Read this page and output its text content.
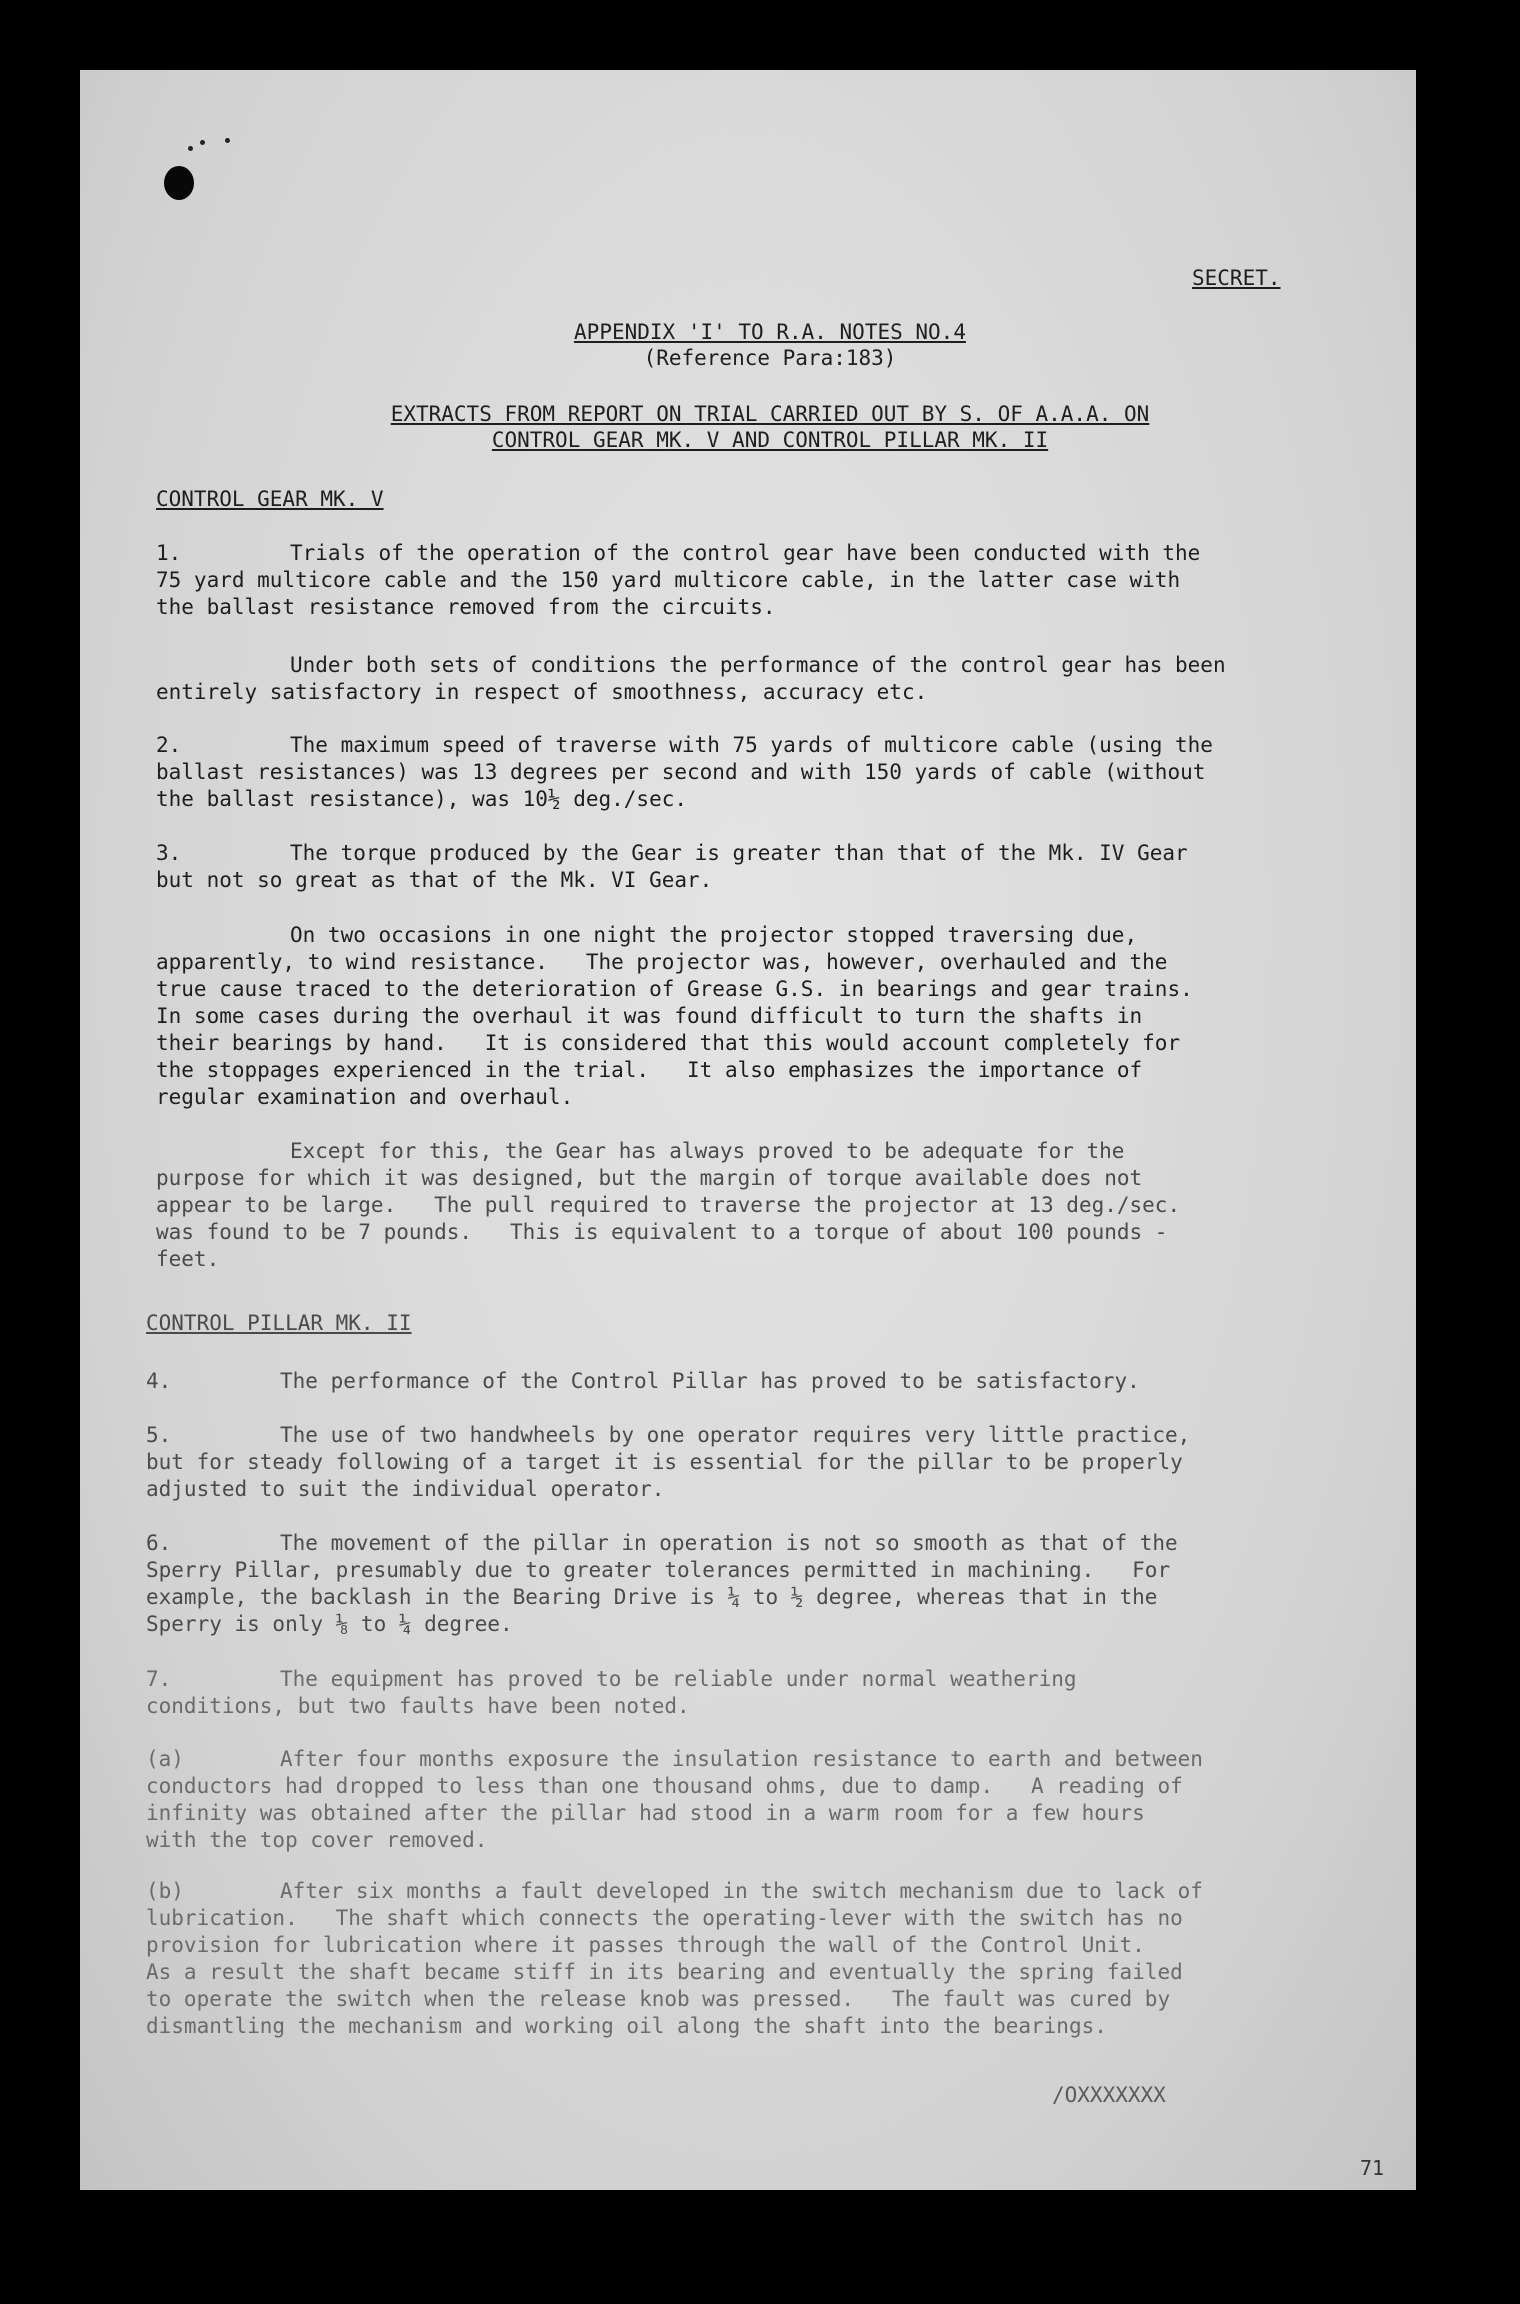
SECRET.
APPENDIX 'I' TO R.A. NOTES NO.4
(Reference Para:183)
EXTRACTS FROM REPORT ON TRIAL CARRIED OUT BY S. OF A.A.A. ON
CONTROL GEAR MK. V AND CONTROL PILLAR MK. II
CONTROL GEAR MK. V
1.	Trials of the operation of the control gear have been conducted with the
75 yard multicore cable and the 150 yard multicore cable, in the latter case with
the ballast resistance removed from the circuits.
Under both sets of conditions the performance of the control gear has been
entirely satisfactory in respect of smoothness, accuracy etc.
2.	The maximum speed of traverse with 75 yards of multicore cable (using the
ballast resistances) was 13 degrees per second and with 150 yards of cable (without
the ballast resistance), was 10½ deg./sec.
3.	The torque produced by the Gear is greater than that of the Mk. IV Gear
but not so great as that of the Mk. VI Gear.
On two occasions in one night the projector stopped traversing due,
apparently, to wind resistance.   The projector was, however, overhauled and the
true cause traced to the deterioration of Grease G.S. in bearings and gear trains.
In some cases during the overhaul it was found difficult to turn the shafts in
their bearings by hand.   It is considered that this would account completely for
the stoppages experienced in the trial.   It also emphasizes the importance of
regular examination and overhaul.
Except for this, the Gear has always proved to be adequate for the
purpose for which it was designed, but the margin of torque available does not
appear to be large.   The pull required to traverse the projector at 13 deg./sec.
was found to be 7 pounds.   This is equivalent to a torque of about 100 pounds -
feet.
CONTROL PILLAR MK. II
4.	The performance of the Control Pillar has proved to be satisfactory.
5.	The use of two handwheels by one operator requires very little practice,
but for steady following of a target it is essential for the pillar to be properly
adjusted to suit the individual operator.
6.	The movement of the pillar in operation is not so smooth as that of the
Sperry Pillar, presumably due to greater tolerances permitted in machining.   For
example, the backlash in the Bearing Drive is ¼ to ½ degree, whereas that in the
Sperry is only ⅛ to ¼ degree.
7.	The equipment has proved to be reliable under normal weathering
conditions, but two faults have been noted.
(a)	After four months exposure the insulation resistance to earth and between
conductors had dropped to less than one thousand ohms, due to damp.   A reading of
infinity was obtained after the pillar had stood in a warm room for a few hours
with the top cover removed.
(b)	After six months a fault developed in the switch mechanism due to lack of
lubrication.   The shaft which connects the operating-lever with the switch has no
provision for lubrication where it passes through the wall of the Control Unit.
As a result the shaft became stiff in its bearing and eventually the spring failed
to operate the switch when the release knob was pressed.   The fault was cured by
dismantling the mechanism and working oil along the shaft into the bearings.
/OXXXXXXX
71
